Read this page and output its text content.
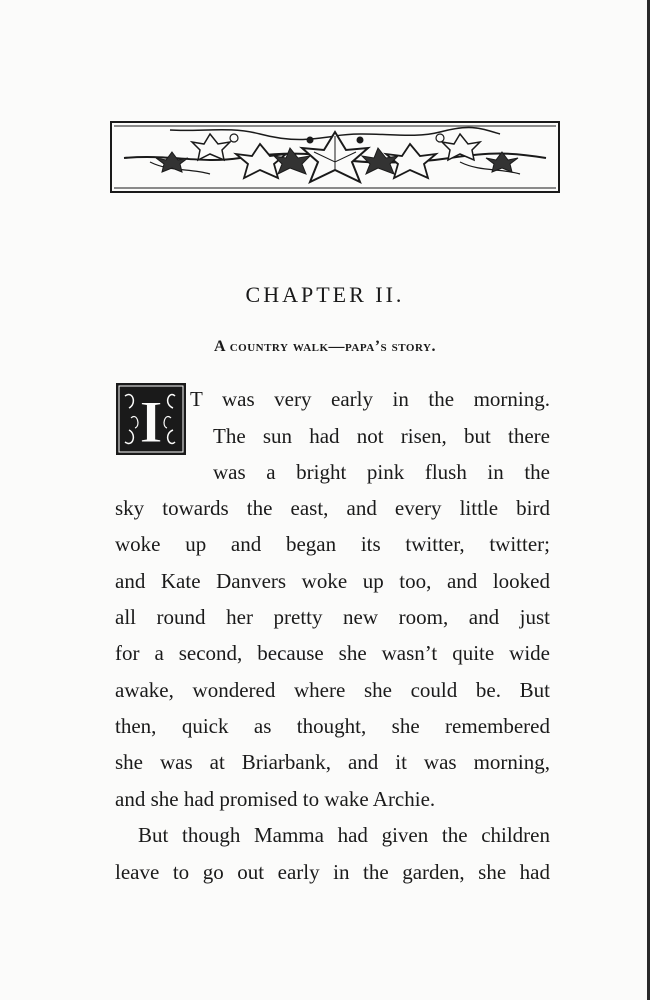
CHAPTER II.
A country walk—papa’s story.
I T was very early in the morning.
The sun had not risen, but there
was a bright pink flush in the
sky towards the east, and every little bird
woke up and began its twitter, twitter;
and Kate Danvers woke up too, and looked
all round her pretty new room, and just
for a second, because she wasn’t quite wide
awake, wondered where she could be. But
then, quick as thought, she remembered
she was at Briarbank, and it was morning,
and she had promised to wake Archie.
But though Mamma had given the children
leave to go out early in the garden, she had
